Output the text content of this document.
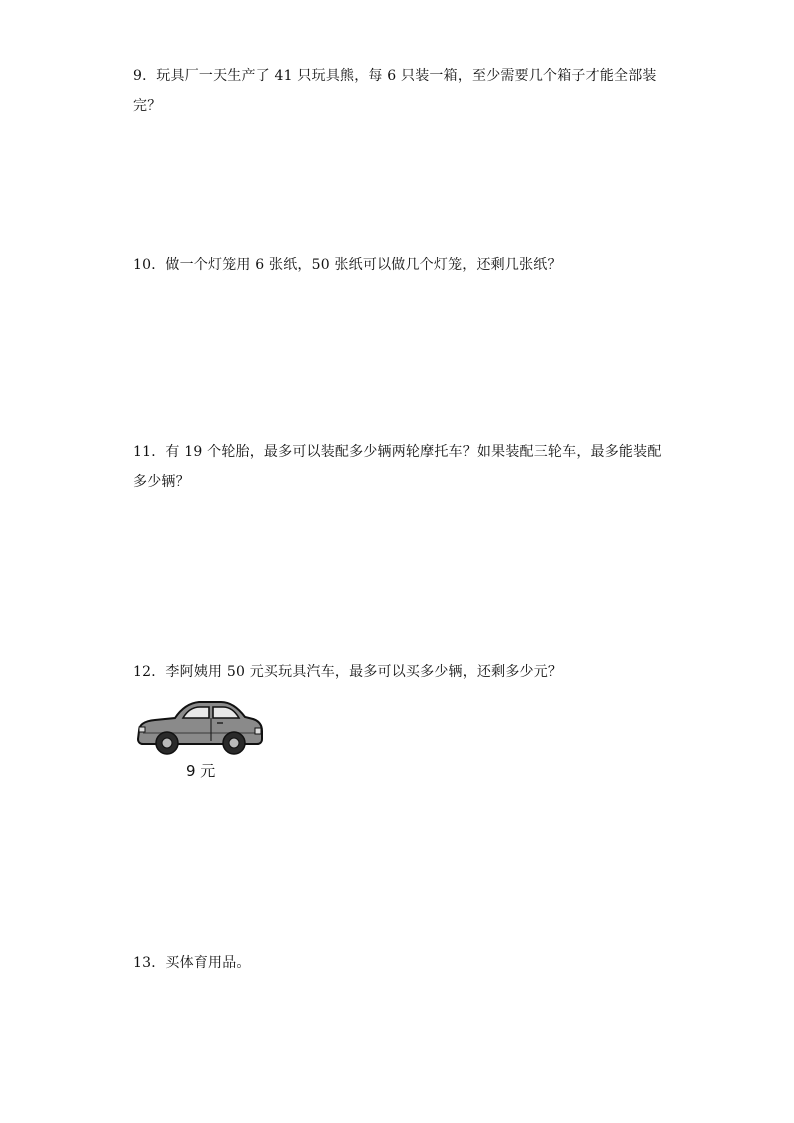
9．玩具厂一天生产了 41 只玩具熊，每 6 只装一箱，至少需要几个箱子才能全部装完？
10．做一个灯笼用 6 张纸，50 张纸可以做几个灯笼，还剩几张纸？
11．有 19 个轮胎，最多可以装配多少辆两轮摩托车？如果装配三轮车，最多能装配多少辆？
12．李阿姨用 50 元买玩具汽车，最多可以买多少辆，还剩多少元？
9 元
13．买体育用品。
